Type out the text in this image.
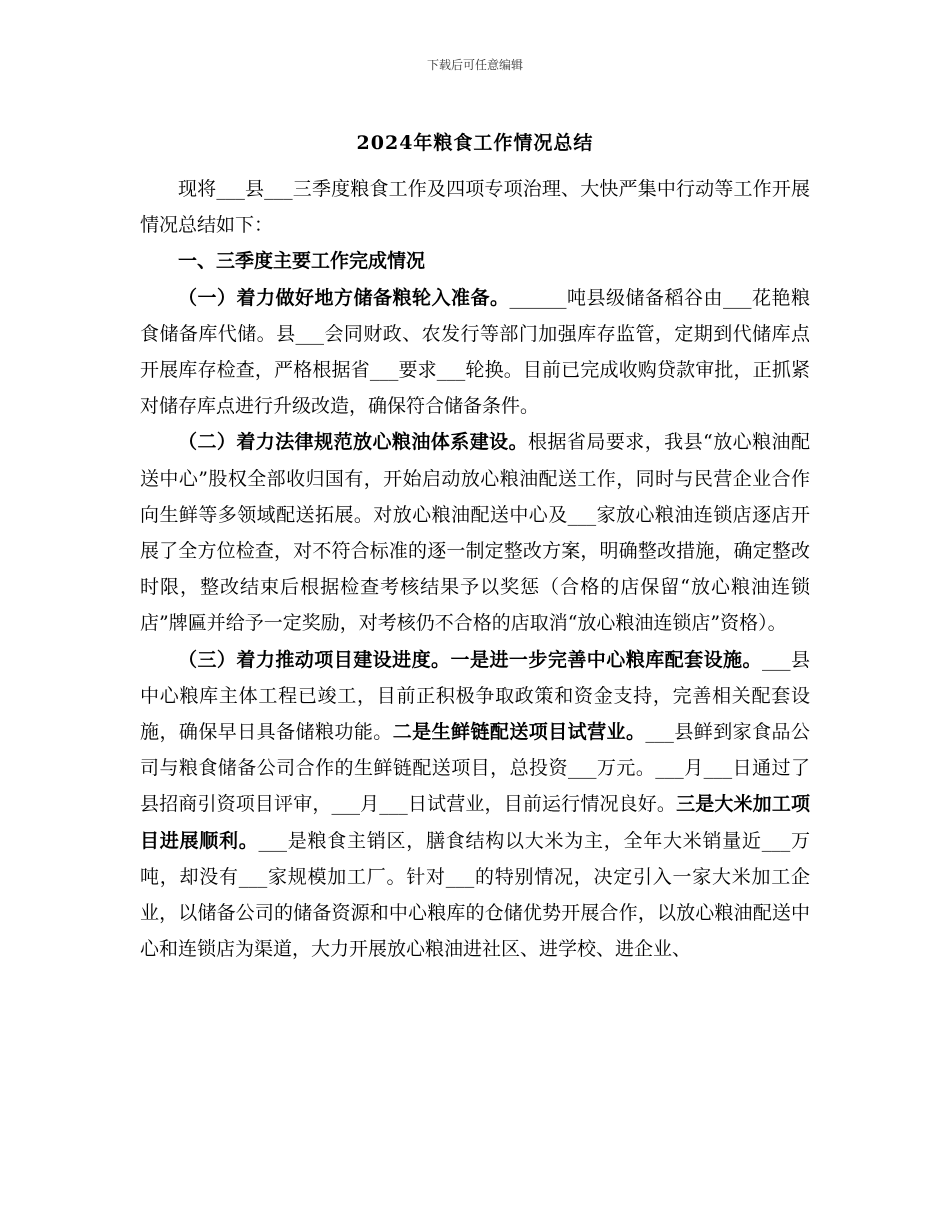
下载后可任意编辑
2024年粮食工作情况总结

现将___县___三季度粮食工作及四项专项治理、大快严集中行动等工作开展情况总结如下：

一、三季度主要工作完成情况

（一）着力做好地方储备粮轮入准备。______吨县级储备稻谷由___花艳粮食储备库代储。县___会同财政、农发行等部门加强库存监管，定期到代储库点开展库存检查，严格根据省___要求___轮换。目前已完成收购贷款审批，正抓紧对储存库点进行升级改造，确保符合储备条件。

（二）着力法律规范放心粮油体系建设。根据省局要求，我县“放心粮油配送中心”股权全部收归国有，开始启动放心粮油配送工作，同时与民营企业合作向生鲜等多领域配送拓展。对放心粮油配送中心及___家放心粮油连锁店逐店开展了全方位检查，对不符合标准的逐一制定整改方案，明确整改措施，确定整改时限，整改结束后根据检查考核结果予以奖惩（合格的店保留“放心粮油连锁店”牌匾并给予一定奖励，对考核仍不合格的店取消“放心粮油连锁店”资格）。

（三）着力推动项目建设进度。一是进一步完善中心粮库配套设施。___县中心粮库主体工程已竣工，目前正积极争取政策和资金支持，完善相关配套设施，确保早日具备储粮功能。二是生鲜链配送项目试营业。___县鲜到家食品公司与粮食储备公司合作的生鲜链配送项目，总投资___万元。___月___日通过了县招商引资项目评审，___月___日试营业，目前运行情况良好。三是大米加工项目进展顺利。___是粮食主销区，膳食结构以大米为主，全年大米销量近___万吨，却没有___家规模加工厂。针对___的特别情况，决定引入一家大米加工企业，以储备公司的储备资源和中心粮库的仓储优势开展合作，以放心粮油配送中心和连锁店为渠道，大力开展放心粮油进社区、进学校、进企业、
